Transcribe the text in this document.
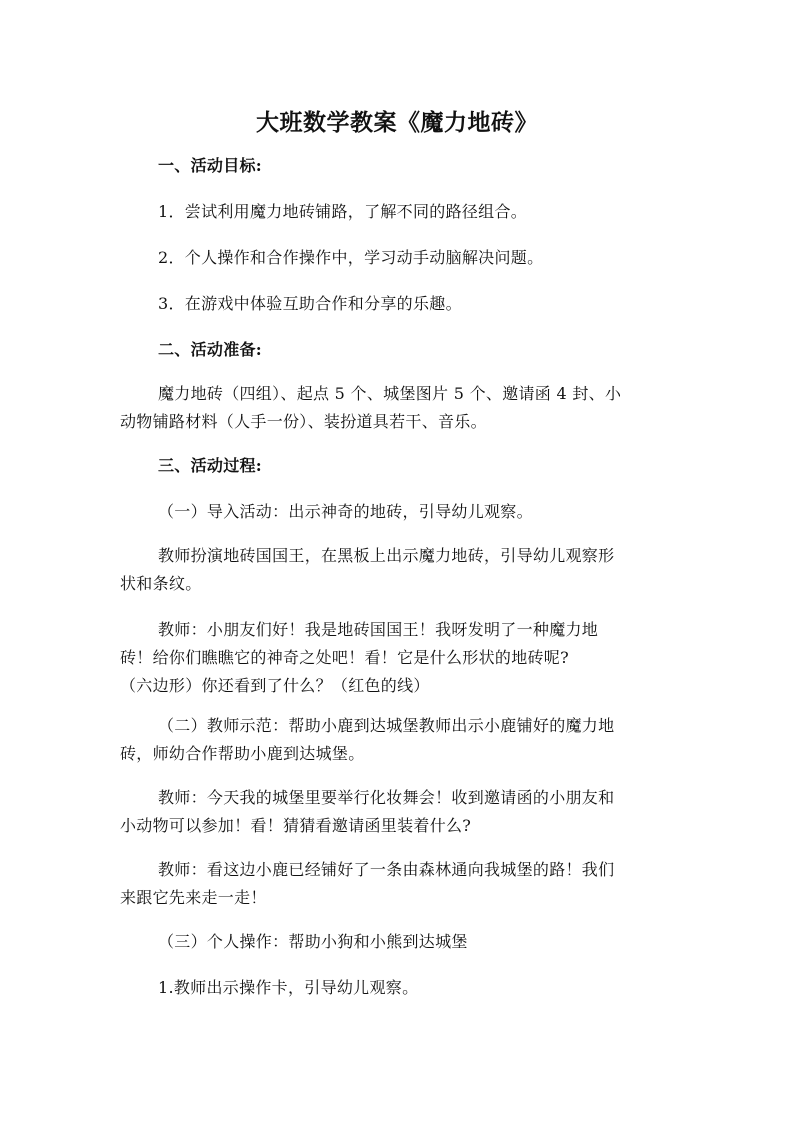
大班数学教案《魔力地砖》
一、活动目标:
1．尝试利用魔力地砖铺路，了解不同的路径组合。
2．个人操作和合作操作中，学习动手动脑解决问题。
3．在游戏中体验互助合作和分享的乐趣。
二、活动准备:
魔力地砖（四组）、起点 5 个、城堡图片 5 个、邀请函 4 封、小
动物铺路材料（人手一份）、装扮道具若干、音乐。
三、活动过程:
（一）导入活动：出示神奇的地砖，引导幼儿观察。
教师扮演地砖国国王，在黑板上出示魔力地砖，引导幼儿观察形
状和条纹。
教师：小朋友们好！我是地砖国国王！我呀发明了一种魔力地
砖！给你们瞧瞧它的神奇之处吧！看！它是什么形状的地砖呢?
（六边形）你还看到了什么？（红色的线）
（二）教师示范：帮助小鹿到达城堡教师出示小鹿铺好的魔力地
砖，师幼合作帮助小鹿到达城堡。
教师：今天我的城堡里要举行化妆舞会！收到邀请函的小朋友和
小动物可以参加！看！猜猜看邀请函里装着什么?
教师：看这边小鹿已经铺好了一条由森林通向我城堡的路！我们
来跟它先来走一走！
（三）个人操作：帮助小狗和小熊到达城堡
1.教师出示操作卡，引导幼儿观察。
